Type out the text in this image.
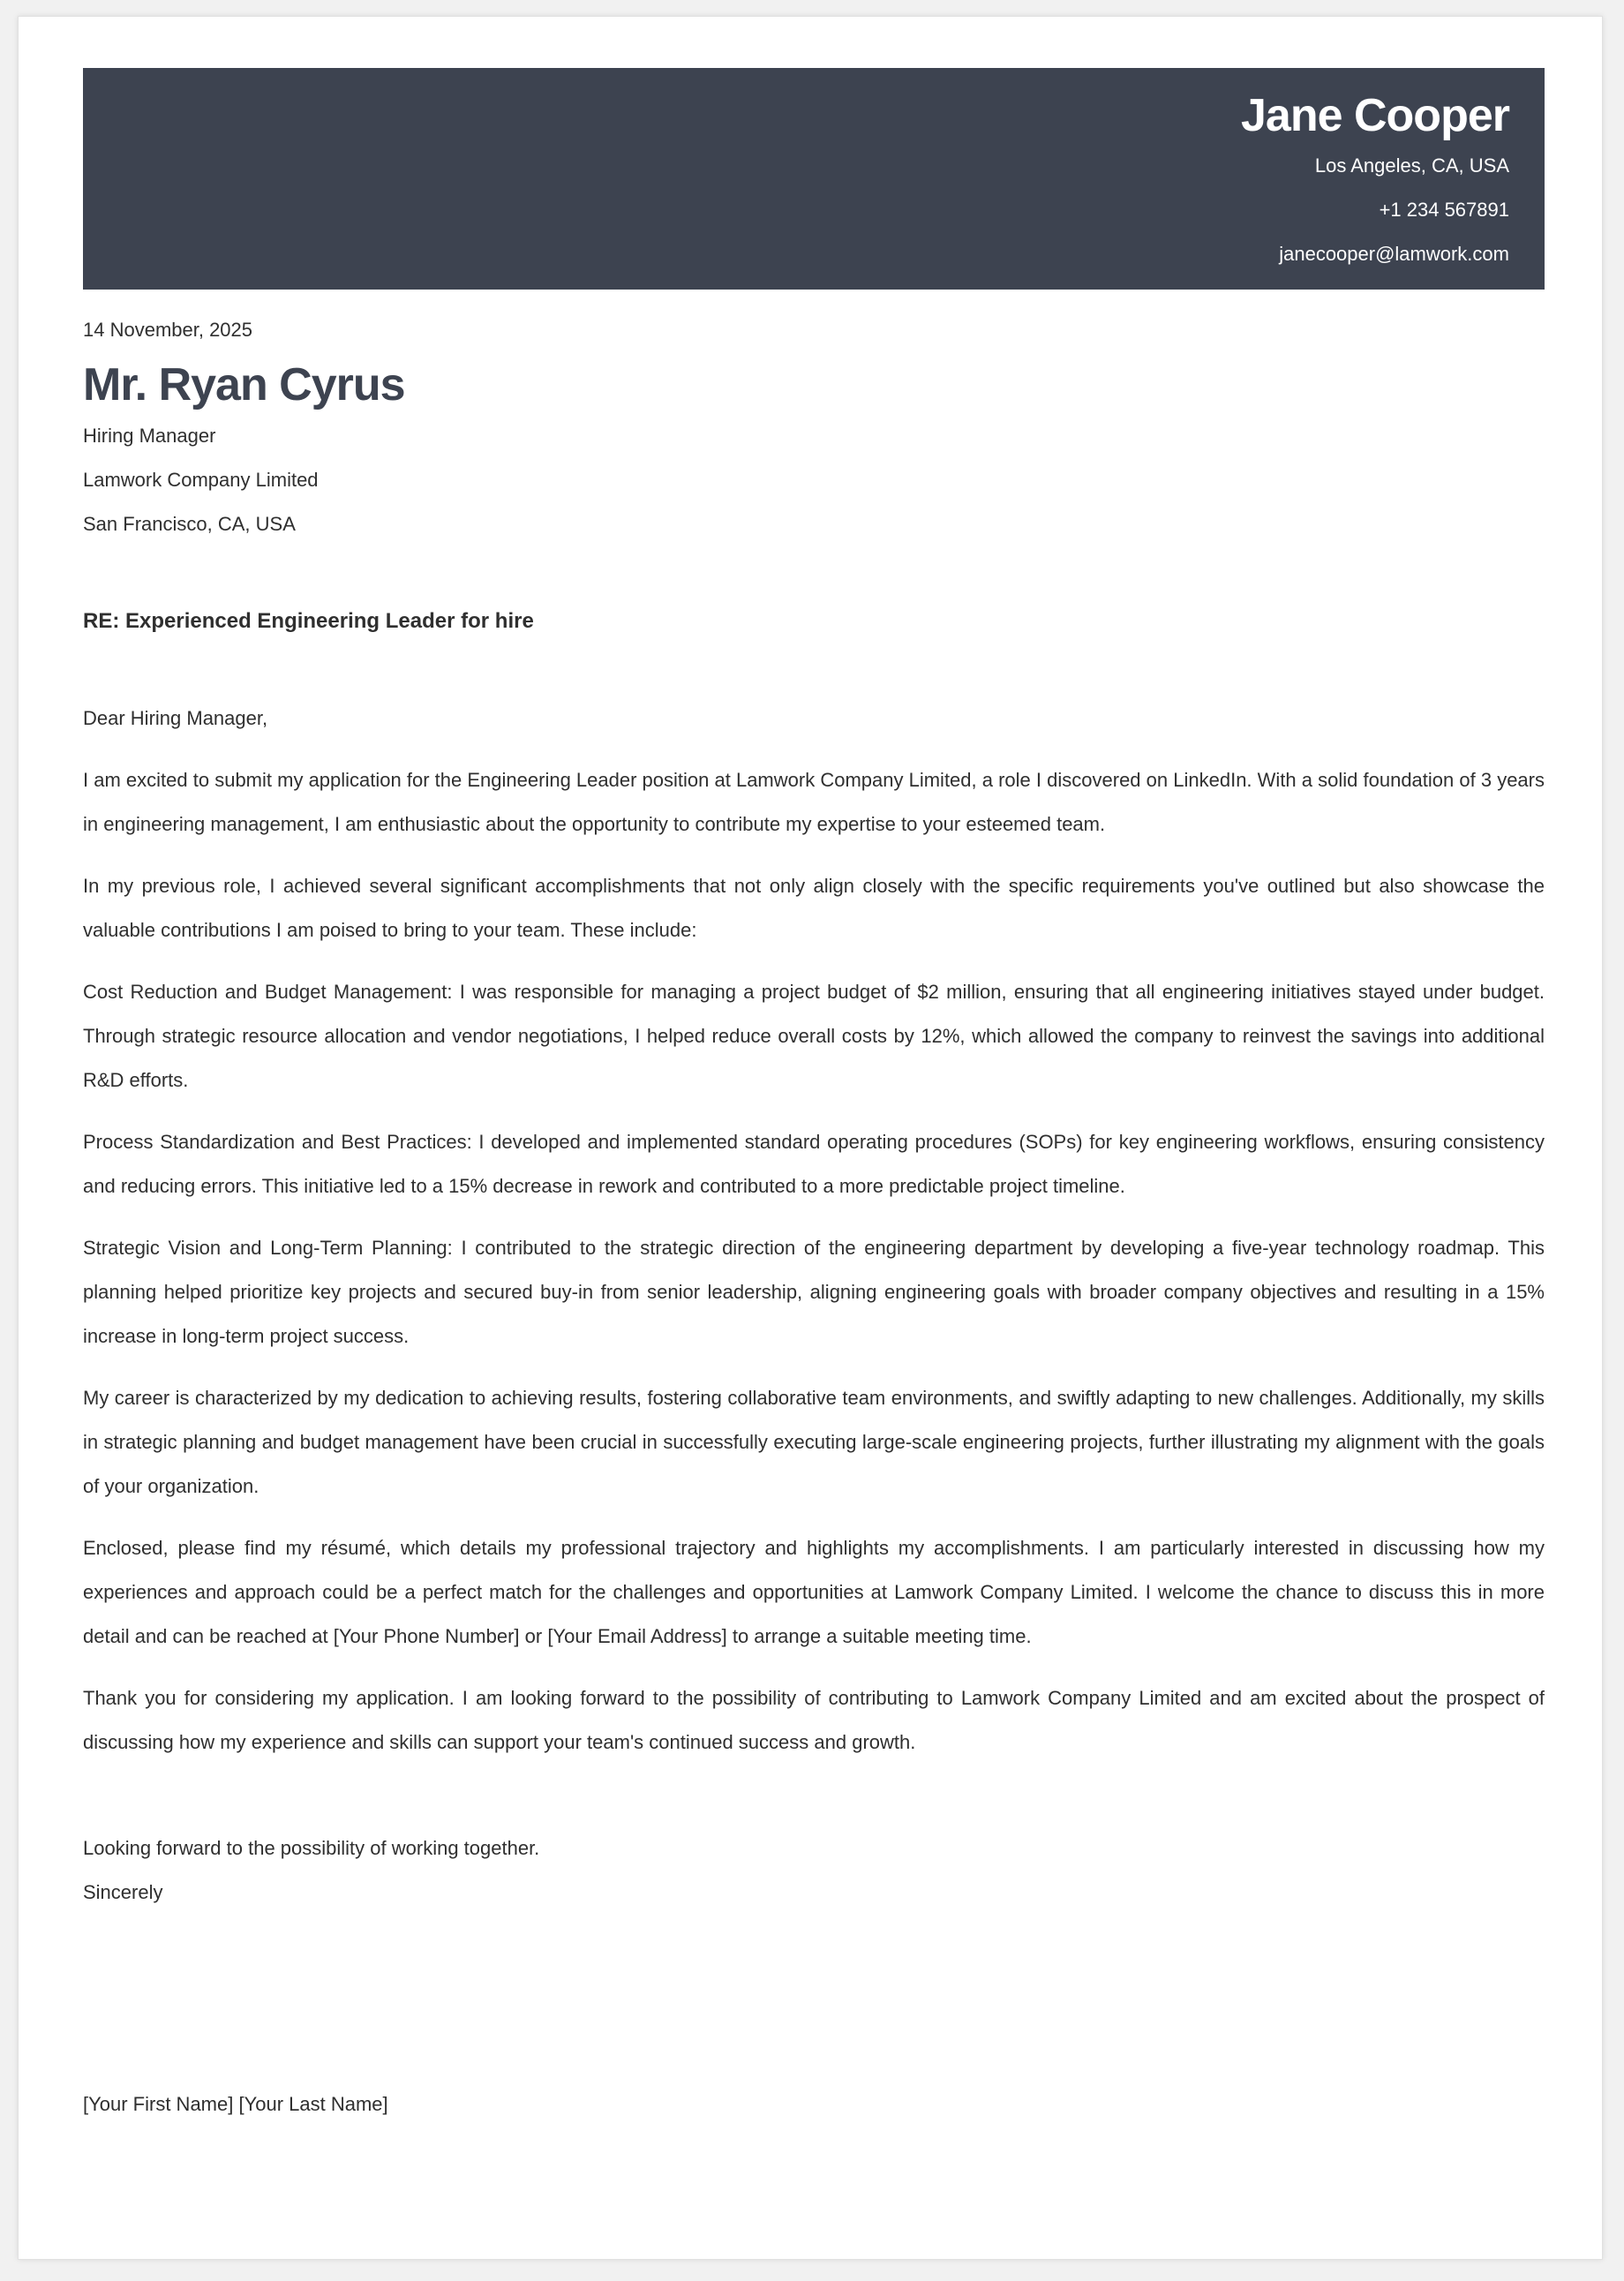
Jane Cooper
Los Angeles, CA, USA
+1 234 567891
janecooper@lamwork.com
14 November, 2025
Mr. Ryan Cyrus
Hiring Manager
Lamwork Company Limited
San Francisco, CA, USA
RE: Experienced Engineering Leader for hire
Dear Hiring Manager,
I am excited to submit my application for the Engineering Leader position at Lamwork Company Limited, a role I discovered on LinkedIn. With a solid foundation of 3 years in engineering management, I am enthusiastic about the opportunity to contribute my expertise to your esteemed team.
In my previous role, I achieved several significant accomplishments that not only align closely with the specific requirements you've outlined but also showcase the valuable contributions I am poised to bring to your team. These include:
Cost Reduction and Budget Management: I was responsible for managing a project budget of $2 million, ensuring that all engineering initiatives stayed under budget. Through strategic resource allocation and vendor negotiations, I helped reduce overall costs by 12%, which allowed the company to reinvest the savings into additional R&D efforts.
Process Standardization and Best Practices: I developed and implemented standard operating procedures (SOPs) for key engineering workflows, ensuring consistency and reducing errors. This initiative led to a 15% decrease in rework and contributed to a more predictable project timeline.
Strategic Vision and Long-Term Planning: I contributed to the strategic direction of the engineering department by developing a five-year technology roadmap. This planning helped prioritize key projects and secured buy-in from senior leadership, aligning engineering goals with broader company objectives and resulting in a 15% increase in long-term project success.
My career is characterized by my dedication to achieving results, fostering collaborative team environments, and swiftly adapting to new challenges. Additionally, my skills in strategic planning and budget management have been crucial in successfully executing large-scale engineering projects, further illustrating my alignment with the goals of your organization.
Enclosed, please find my résumé, which details my professional trajectory and highlights my accomplishments. I am particularly interested in discussing how my experiences and approach could be a perfect match for the challenges and opportunities at Lamwork Company Limited. I welcome the chance to discuss this in more detail and can be reached at [Your Phone Number] or [Your Email Address] to arrange a suitable meeting time.
Thank you for considering my application. I am looking forward to the possibility of contributing to Lamwork Company Limited and am excited about the prospect of discussing how my experience and skills can support your team's continued success and growth.
Looking forward to the possibility of working together.
Sincerely
[Your First Name] [Your Last Name]
